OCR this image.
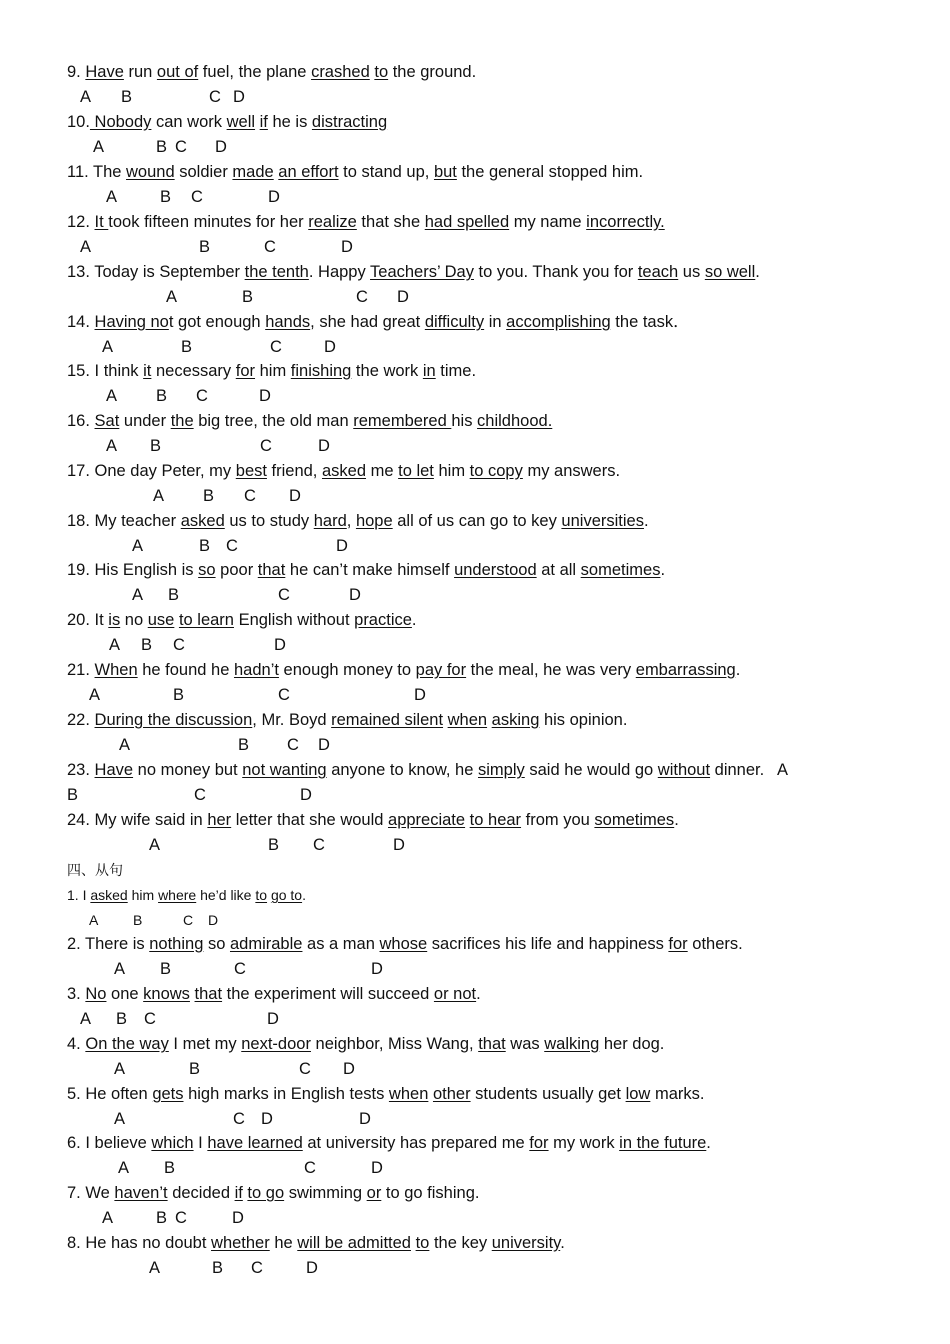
9. Have run out of fuel, the plane crashed to the ground.
A B	C D
10. Nobody can work well if he is distracting
A	B C D
11. The wound soldier made an effort to stand up, but the general stopped him.
A	B C	D
12. It took fifteen minutes for her realize that she had spelled my name incorrectly.
A	B	C	D
13. Today is September the tenth. Happy Teachers’ Day to you. Thank you for teach us so well.
A	B	C D
14. Having not got enough hands, she had great difficulty in accomplishing the task．
A	B	C	D
15. I think it necessary for him finishing the work in time.
A B C	D
16. Sat under the big tree, the old man remembered his childhood.
A B	C	D
17. One day Peter, my best friend, asked me to let him to copy my answers.
A B C D
18. My teacher asked us to study hard, hope all of us can go to key universities.
A	B C	D
19. His English is so poor that he can’t make himself understood at all sometimes.
A B	C	D
20. It is no use to learn English without practice.
A B C	D
21. When he found he hadn’t enough money to pay for the meal, he was very embarrassing.
A	B	C	D
22. During the discussion, Mr. Boyd remained silent when asking his opinion.
A	B C D
23. Have no money but not wanting anyone to know, he simply said he would go without dinner.   A
B	C	D
24. My wife said in her letter that she would appreciate to hear from you sometimes.
A	B C	D
1. I asked him where he’d like to go to.
A B	C D
2. There is nothing so admirable as a man whose sacrifices his life and happiness for others.
A B	C	D
3. No one knows that the experiment will succeed or not.
A B C	D
4. On the way I met my next-door neighbor, Miss Wang, that was walking her dog.
A	B	C D
5. He often gets high marks in English tests when other students usually get low marks.
A	C D	D
6. I believe which I have learned at university has prepared me for my work in the future.
A B	C	D
7. We haven’t decided if to go swimming or to go fishing.
A	B C	D
8. He has no doubt whether he will be admitted to the key university.
A	B C	D
四、从句
